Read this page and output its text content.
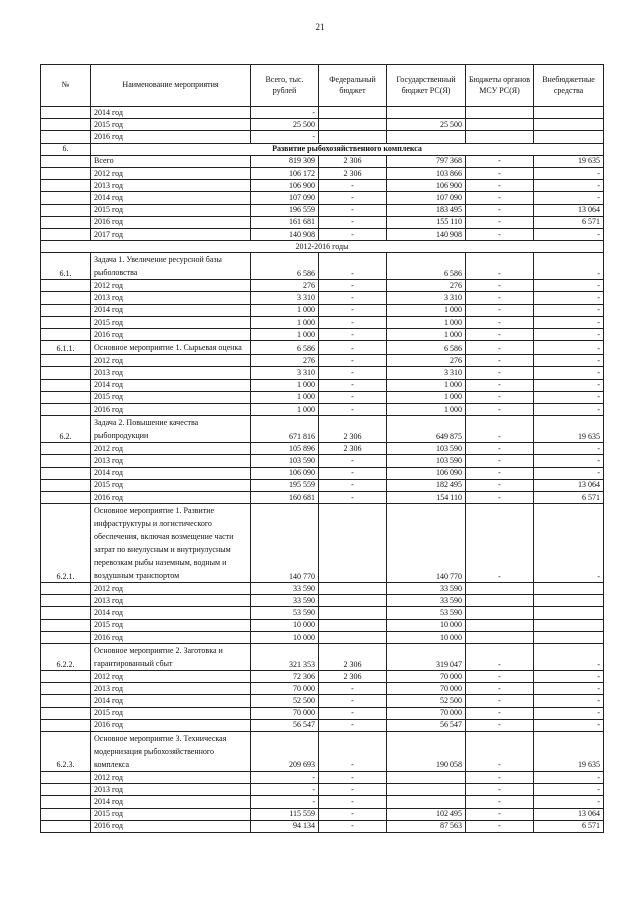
21
№	Наименование мероприятия	Всего, тыс. рублей	Федеральный бюджет	Государственный бюджет РС(Я)	Бюджеты органов МСУ РС(Я)	Внебюджетные средства
	2014 год	-				
	2015 год	25 500		25 500		
	2016 год	-				
6.	Развитие рыбохозяйственного комплекса					
	Всего	819 309	2 306	797 368	-	19 635
	2012 год	106 172	2 306	103 866	-	-
	2013 год	106 900	-	106 900	-	-
	2014 год	107 090	-	107 090	-	-
	2015 год	196 559	-	183 495	-	13 064
	2016 год	161 681	-	155 110	-	6 571
	2017 год	140 908	-	140 908	-	-
2012-2016 годы						
6.1.	Задача 1. Увеличение ресурсной базы рыболовства	6 586	-	6 586	-	-
	2012 год	276	-	276	-	-
	2013 год	3 310	-	3 310	-	-
	2014 год	1 000	-	1 000	-	-
	2015 год	1 000	-	1 000	-	-
	2016 год	1 000	-	1 000	-	-
6.1.1.	Основное мероприятие 1. Сырьевая оценка	6 586	-	6 586	-	-
	2012 год	276	-	276	-	-
	2013 год	3 310	-	3 310	-	-
	2014 год	1 000	-	1 000	-	-
	2015 год	1 000	-	1 000	-	-
	2016 год	1 000	-	1 000	-	-
6.2.	Задача 2. Повышение качества рыбопродукции	671 816	2 306	649 875	-	19 635
	2012 год	105 896	2 306	103 590	-	-
	2013 год	103 590	-	103 590	-	-
	2014 год	106 090	-	106 090	-	-
	2015 год	195 559	-	182 495	-	13 064
	2016 год	160 681	-	154 110	-	6 571
6.2.1.	Основное мероприятие 1. Развитие инфраструктуры и логистического обеспечения, включая возмещение части затрат по внеулусным и внутриулусным перевозкам рыбы наземным, водным и воздушным транспортом	140 770		140 770	-	-
	2012 год	33 590		33 590		
	2013 год	33 590		33 590		
	2014 год	53 590		53 590		
	2015 год	10 000		10 000		
	2016 год	10 000		10 000		
6.2.2.	Основное мероприятие 2. Заготовка и гарантированный сбыт	321 353	2 306	319 047	-	-
	2012 год	72 306	2 306	70 000	-	-
	2013 год	70 000	-	70 000	-	-
	2014 год	52 500	-	52 500	-	-
	2015 год	70 000	-	70 000	-	-
	2016 год	56 547	-	56 547	-	-
6.2.3.	Основное мероприятие 3. Техническая модернизация рыбохозяйственного комплекса	209 693	-	190 058	-	19 635
	2012 год	-	-		-	-
	2013 год	-	-		-	-
	2014 год	-	-		-	-
	2015 год	115 559	-	102 495	-	13 064
	2016 год	94 134	-	87 563	-	6 571
